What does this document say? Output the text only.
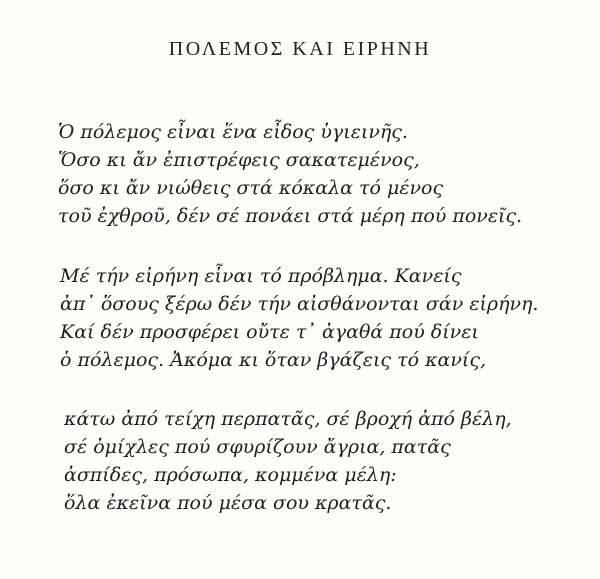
ΠΟΛΕΜΟΣ ΚΑΙ ΕΙΡΗΝΗ
Ὁ πόλεμος εἶναι ἕνα εἶδος ὑγιεινῆς.
Ὅσο κι ἄν ἐπιστρέφεις σακατεμένος,
ὅσο κι ἄν νιώθεις στά κόκαλα τό μένος
τοῦ ἐχθροῦ, δέν σέ πονάει στά μέρη πού πονεῖς.
Μέ τήν εἰρήνη εἶναι τό πρόβλημα. Κανείς
ἀπ᾽ ὅσους ξέρω δέν τήν αἰσθάνονται σάν εἰρήνη.
Καί δέν προσφέρει οὔτε τ᾽ ἀγαθά πού δίνει
ὁ πόλεμος. Ἀκόμα κι ὅταν βγάζεις τό κανίς,
κάτω ἀπό τείχη περπατᾶς, σέ βροχή ἀπό βέλη,
σέ ὀμίχλες πού σφυρίζουν ἄγρια, πατᾶς
ἀσπίδες, πρόσωπα, κομμένα μέλη:
ὅλα ἐκεῖνα πού μέσα σου κρατᾶς.
